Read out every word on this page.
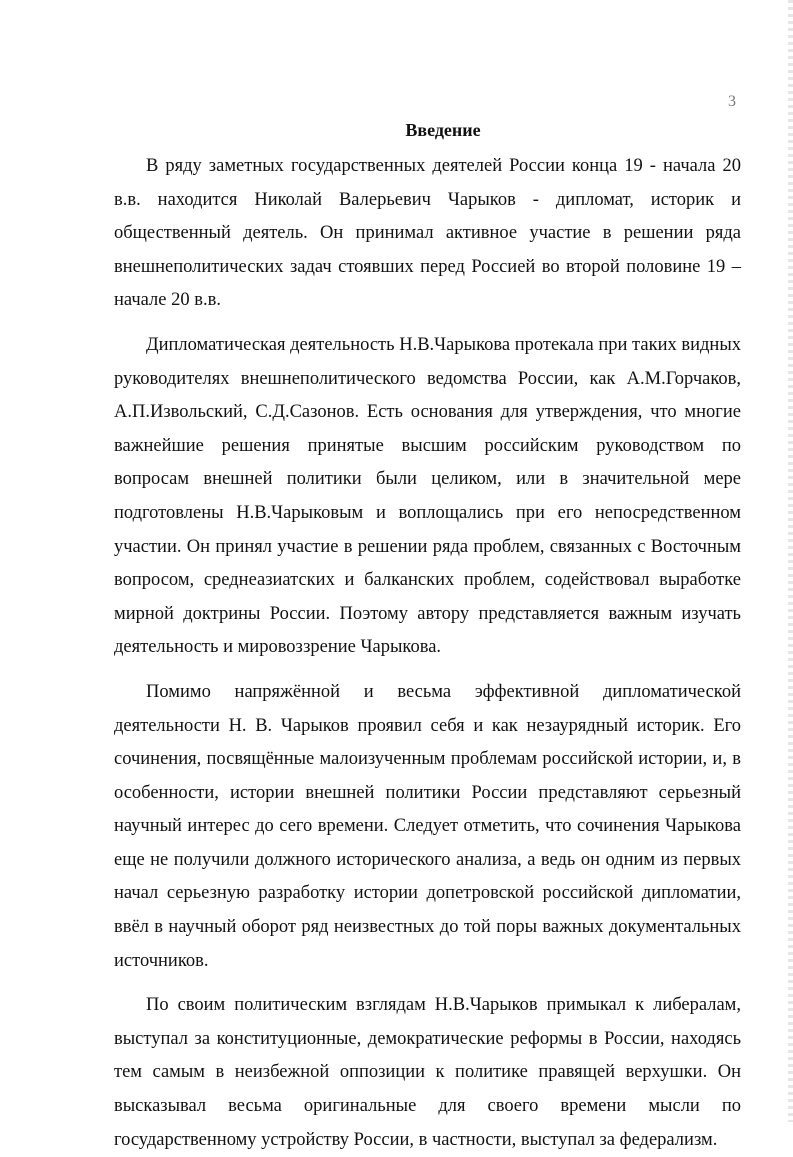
3
Введение

В ряду заметных государственных деятелей России конца 19 - начала 20 в.в. находится Николай Валерьевич Чарыков - дипломат, историк и общественный деятель. Он принимал активное участие в решении ряда внешнеполитических задач стоявших перед Россией во второй половине 19 – начале 20 в.в.

Дипломатическая деятельность Н.В.Чарыкова протекала при таких видных руководителях внешнеполитического ведомства России, как А.М.Горчаков, А.П.Извольский, С.Д.Сазонов. Есть основания для утверждения, что многие важнейшие решения принятые высшим российским руководством по вопросам внешней политики были целиком, или в значительной мере подготовлены Н.В.Чарыковым и воплощались при его непосредственном участии. Он принял участие в решении ряда проблем, связанных с Восточным вопросом, среднеазиатских и балканских проблем, содействовал выработке мирной доктрины России. Поэтому автору представляется важным изучать деятельность и мировоззрение Чарыкова.

Помимо напряжённой и весьма эффективной дипломатической деятельности Н. В. Чарыков проявил себя и как незаурядный историк. Его сочинения, посвящённые малоизученным проблемам российской истории, и, в особенности, истории внешней политики России представляют серьезный научный интерес до сего времени. Следует отметить, что сочинения Чарыкова еще не получили должного исторического анализа, а ведь он одним из первых начал серьезную разработку истории допетровской российской дипломатии, ввёл в научный оборот ряд неизвестных до той поры важных документальных источников.

По своим политическим взглядам Н.В.Чарыков примыкал к либералам, выступал за конституционные, демократические реформы в России, находясь тем самым в неизбежной оппозиции к политике правящей верхушки. Он высказывал весьма оригинальные для своего времени мысли по государственному устройству России, в частности, выступал за федерализм.
